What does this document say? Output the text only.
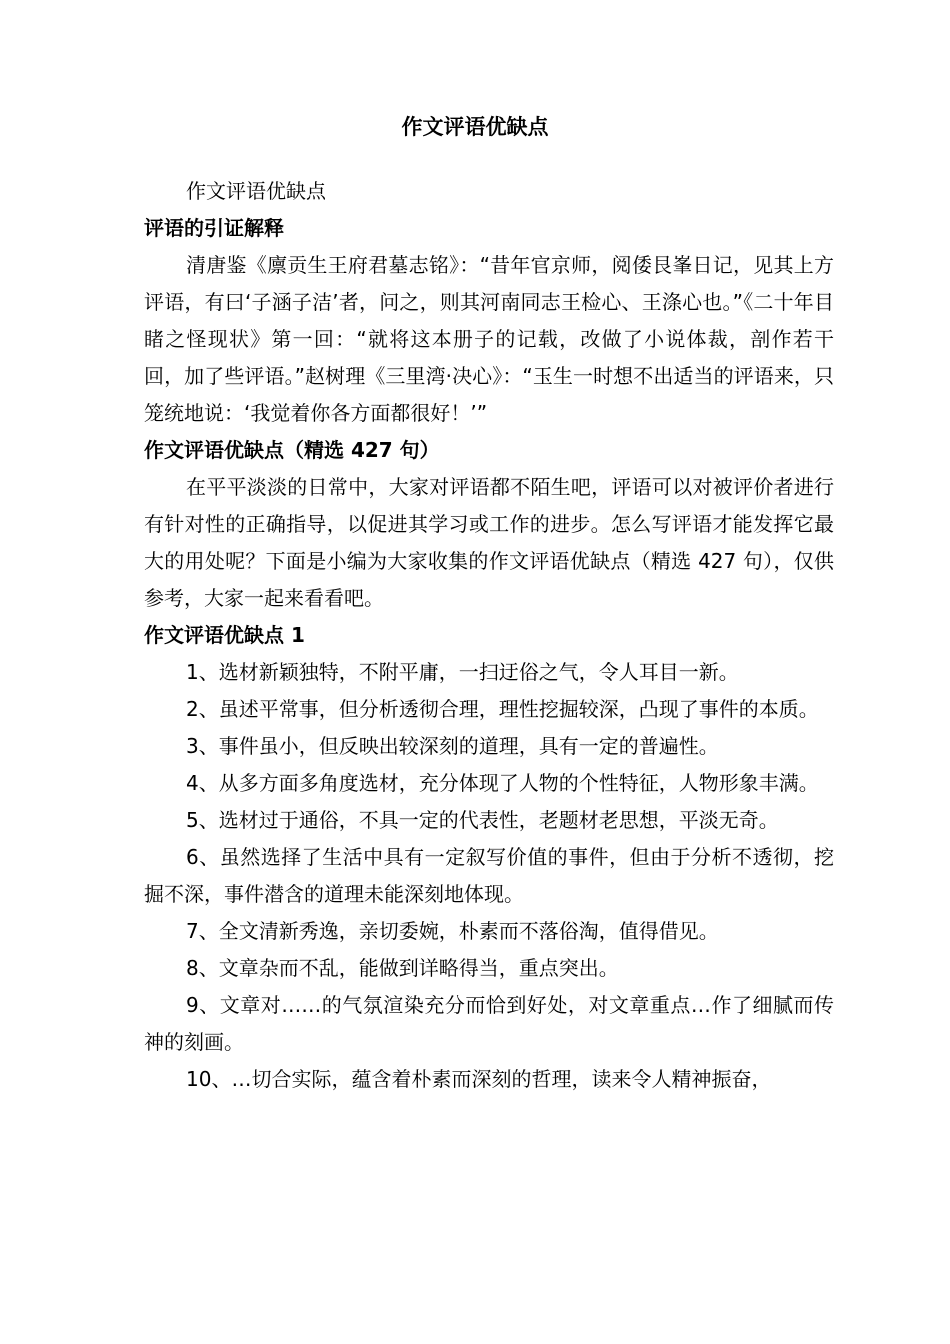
作文评语优缺点

作文评语优缺点

评语的引证解释

清唐鉴《廪贡生王府君墓志铭》：“昔年官京师，阅倭艮峯日记，见其上方评语，有曰‘子涵子洁’者，问之，则其河南同志王检心、王涤心也。”《二十年目睹之怪现状》第一回：“就将这本册子的记载，改做了小说体裁，剖作若干回，加了些评语。”赵树理《三里湾·决心》：“玉生一时想不出适当的评语来，只笼统地说：‘我觉着你各方面都很好！’”

作文评语优缺点（精选 427 句）

在平平淡淡的日常中，大家对评语都不陌生吧，评语可以对被评价者进行有针对性的正确指导，以促进其学习或工作的进步。怎么写评语才能发挥它最大的用处呢？下面是小编为大家收集的作文评语优缺点（精选 427 句），仅供参考，大家一起来看看吧。

作文评语优缺点 1

1、选材新颖独特，不附平庸，一扫迂俗之气，令人耳目一新。

2、虽述平常事，但分析透彻合理，理性挖掘较深，凸现了事件的本质。

3、事件虽小，但反映出较深刻的道理，具有一定的普遍性。

4、从多方面多角度选材，充分体现了人物的个性特征，人物形象丰满。

5、选材过于通俗，不具一定的代表性，老题材老思想，平淡无奇。

6、虽然选择了生活中具有一定叙写价值的事件，但由于分析不透彻，挖掘不深，事件潜含的道理未能深刻地体现。

7、全文清新秀逸，亲切委婉，朴素而不落俗淘，值得借见。

8、文章杂而不乱，能做到详略得当，重点突出。

9、文章对……的气氛渲染充分而恰到好处，对文章重点…作了细腻而传神的刻画。

10、…切合实际，蕴含着朴素而深刻的哲理，读来令人精神振奋，
